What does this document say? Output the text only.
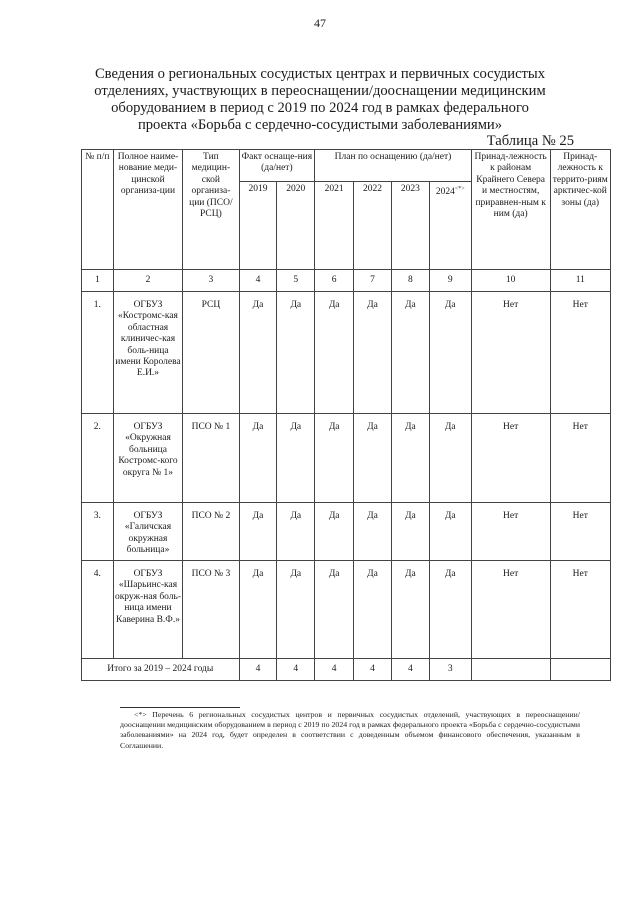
47
Сведения о региональных сосудистых центрах и первичных сосудистых
отделениях, участвующих в переоснащении/дооснащении медицинским
оборудованием в период с 2019 по 2024 год в рамках федерального
проекта «Борьба с сердечно-сосудистыми заболеваниями»
Таблица № 25
№ п/п	Полное наиме-нование меди-цинской организа-ции	Тип медицин-ской организа-ции (ПСО/ РСЦ)	Факт оснаще-ния (да/нет)		План по оснащению (да/нет)				Принад-лежность к районам Крайнего Севера и местностям, приравнен-ным к ним (да)	Принад-лежность к террито-риям арктичес-кой зоны (да)
			2019	2020	2021	2022	2023	2024<*>
1	2	3	4	5	6	7	8	9	10	11
1.	ОГБУЗ «Костромс-кая областная клиничес-кая боль-ница имени Королева Е.И.»	РСЦ	Да	Да	Да	Да	Да	Да	Нет	Нет
2.	ОГБУЗ «Окружная больница Костромс-кого округа № 1»	ПСО № 1	Да	Да	Да	Да	Да	Да	Нет	Нет
3.	ОГБУЗ «Галичская окружная больница»	ПСО № 2	Да	Да	Да	Да	Да	Да	Нет	Нет
4.	ОГБУЗ «Шарьинс-кая окруж-ная боль-ница имени Каверина В.Ф.»	ПСО № 3	Да	Да	Да	Да	Да	Да	Нет	Нет
Итого за 2019 – 2024 годы			4	4	4	4	4	3		
<*> Перечень 6 региональных сосудистых центров и первичных сосудистых отделений, участвующих в переоснащении/дооснащении медицинским оборудованием в период с 2019 по 2024 год в рамках федерального проекта «Борьба с сердечно-сосудистыми заболеваниями» на 2024 год, будет определен в соответствии с доведенным объемом финансового обеспечения, указанным в Соглашении.
